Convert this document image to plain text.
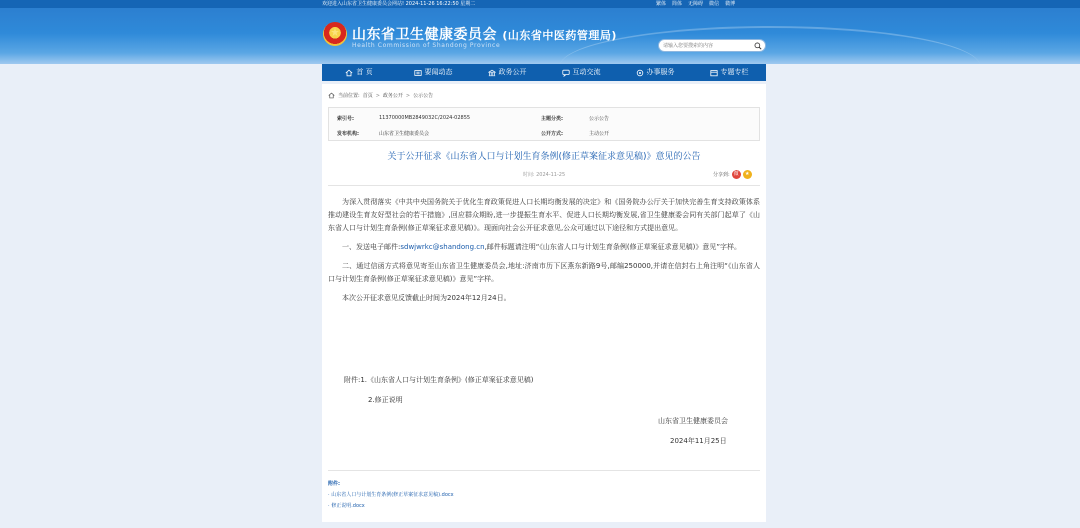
欢迎进入山东省卫生健康委员会网站! 2024-11-26 16:22:50 星期二	繁体 简体 无障碍 微信 微博
山东省卫生健康委员会 (山东省中医药管理局)
Health Commission of Shandong Province
请输入您要搜索的内容
首 页	要闻动态	政务公开	互动交流	办事服务	专题专栏
当前位置: 首页 > 政务公开 > 公示公告
索引号:	11370000MB2849032C/2024-02855	主题分类:	公示公告
发布机构:	山东省卫生健康委员会	公开方式:	主动公开
关于公开征求《山东省人口与计划生育条例(修正草案征求意见稿)》意见的公告
时间: 2024-11-25	分享到: 微	★

为深入贯彻落实《中共中央国务院关于优化生育政策促进人口长期均衡发展的决定》和《国务院办公厅关于加快完善生育支持政策体系推动建设生育友好型社会的若干措施》,回应群众期盼,进一步提振生育水平、促进人口长期均衡发展,省卫生健康委会同有关部门起草了《山东省人口与计划生育条例(修正草案征求意见稿)》。现面向社会公开征求意见,公众可通过以下途径和方式提出意见。

一、发送电子邮件:sdwjwrkc@shandong.cn,邮件标题请注明“《山东省人口与计划生育条例(修正草案征求意见稿)》意见”字样。

二、通过信函方式将意见寄至山东省卫生健康委员会,地址:济南市历下区燕东新路9号,邮编250000,并请在信封右上角注明“《山东省人口与计划生育条例(修正草案征求意见稿)》意见”字样。

本次公开征求意见反馈截止时间为2024年12月24日。

附件:1.《山东省人口与计划生育条例》(修正草案征求意见稿)
2.修正说明
山东省卫生健康委员会
2024年11月25日
附件:
· 山东省人口与计划生育条例(修正草案征求意见稿).docx
· 修正说明.docx
